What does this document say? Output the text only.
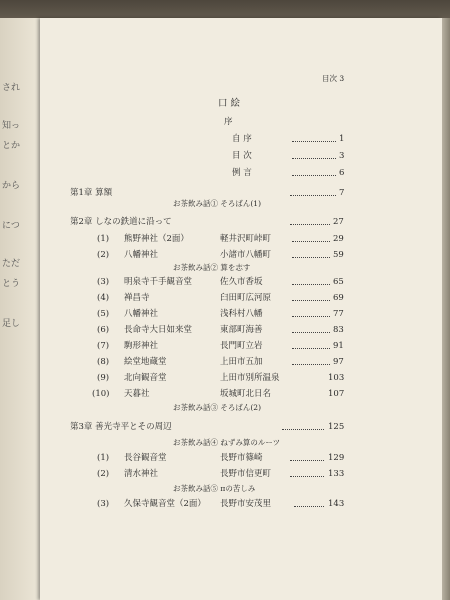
され
知っ
とか
から
につ
ただ
とう
足し
目次 3
口 絵
序
自 序	1
目 次	3
例 言	6
第1章 算額	7
お茶飲み話① そろばん(1)
第2章 しなの鉄道に沿って	27
(1) 熊野神社（2面）	軽井沢町峠町	29
(2) 八幡神社	小諸市八幡町	59
お茶飲み話② 算を志す
(3) 明泉寺千手観音堂	佐久市香坂	65
(4) 禅昌寺	臼田町広河原	69
(5) 八幡神社	浅科村八幡	77
(6) 長命寺大日如来堂	東部町海善	83
(7) 駒形神社	長門町立岩	91
(8) 絵堂地蔵堂	上田市五加	97
(9) 北向観音堂	上田市別所温泉	103
(10) 天暮社	坂城町北日名	107
お茶飲み話③ そろばん(2)
第3章 善光寺平とその周辺	125
お茶飲み話④ ねずみ算のルーツ
(1) 長谷観音堂	長野市篠崎	129
(2) 清水神社	長野市信更町	133
お茶飲み話⑤ πの苦しみ
(3) 久保寺観音堂（2面） 長野市安茂里	143
